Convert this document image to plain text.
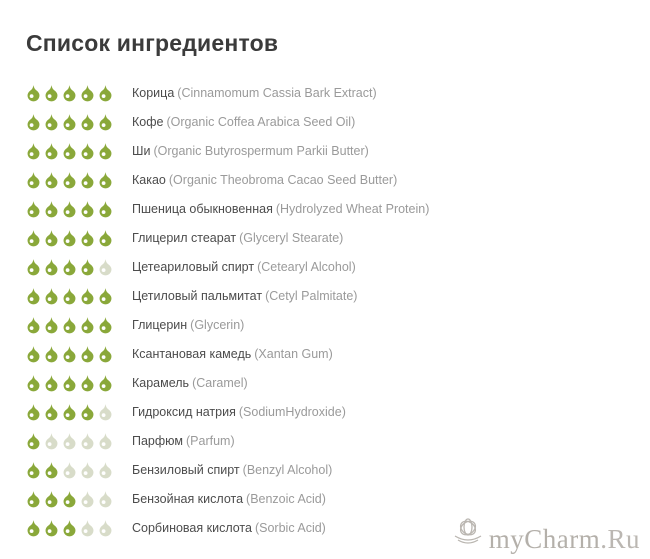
Список ингредиентов
Корица (Cinnamomum Cassia Bark Extract)
Кофе (Organic Coffea Arabica Seed Oil)
Ши (Organic Butyrospermum Parkii Butter)
Какао (Organic Theobroma Cacao Seed Butter)
Пшеница обыкновенная (Hydrolyzed Wheat Protein)
Глицерил стеарат (Glyceryl Stearate)
Цетеариловый спирт (Cetearyl Alcohol)
Цетиловый пальмитат (Cetyl Palmitate)
Глицерин (Glycerin)
Ксантановая камедь (Xantan Gum)
Карамель (Caramel)
Гидроксид натрия (SodiumHydroxide)
Парфюм (Parfum)
Бензиловый спирт (Benzyl Alcohol)
Бензойная кислота (Benzoic Acid)
Сорбиновая кислота (Sorbic Acid)	myCharm.Ru
